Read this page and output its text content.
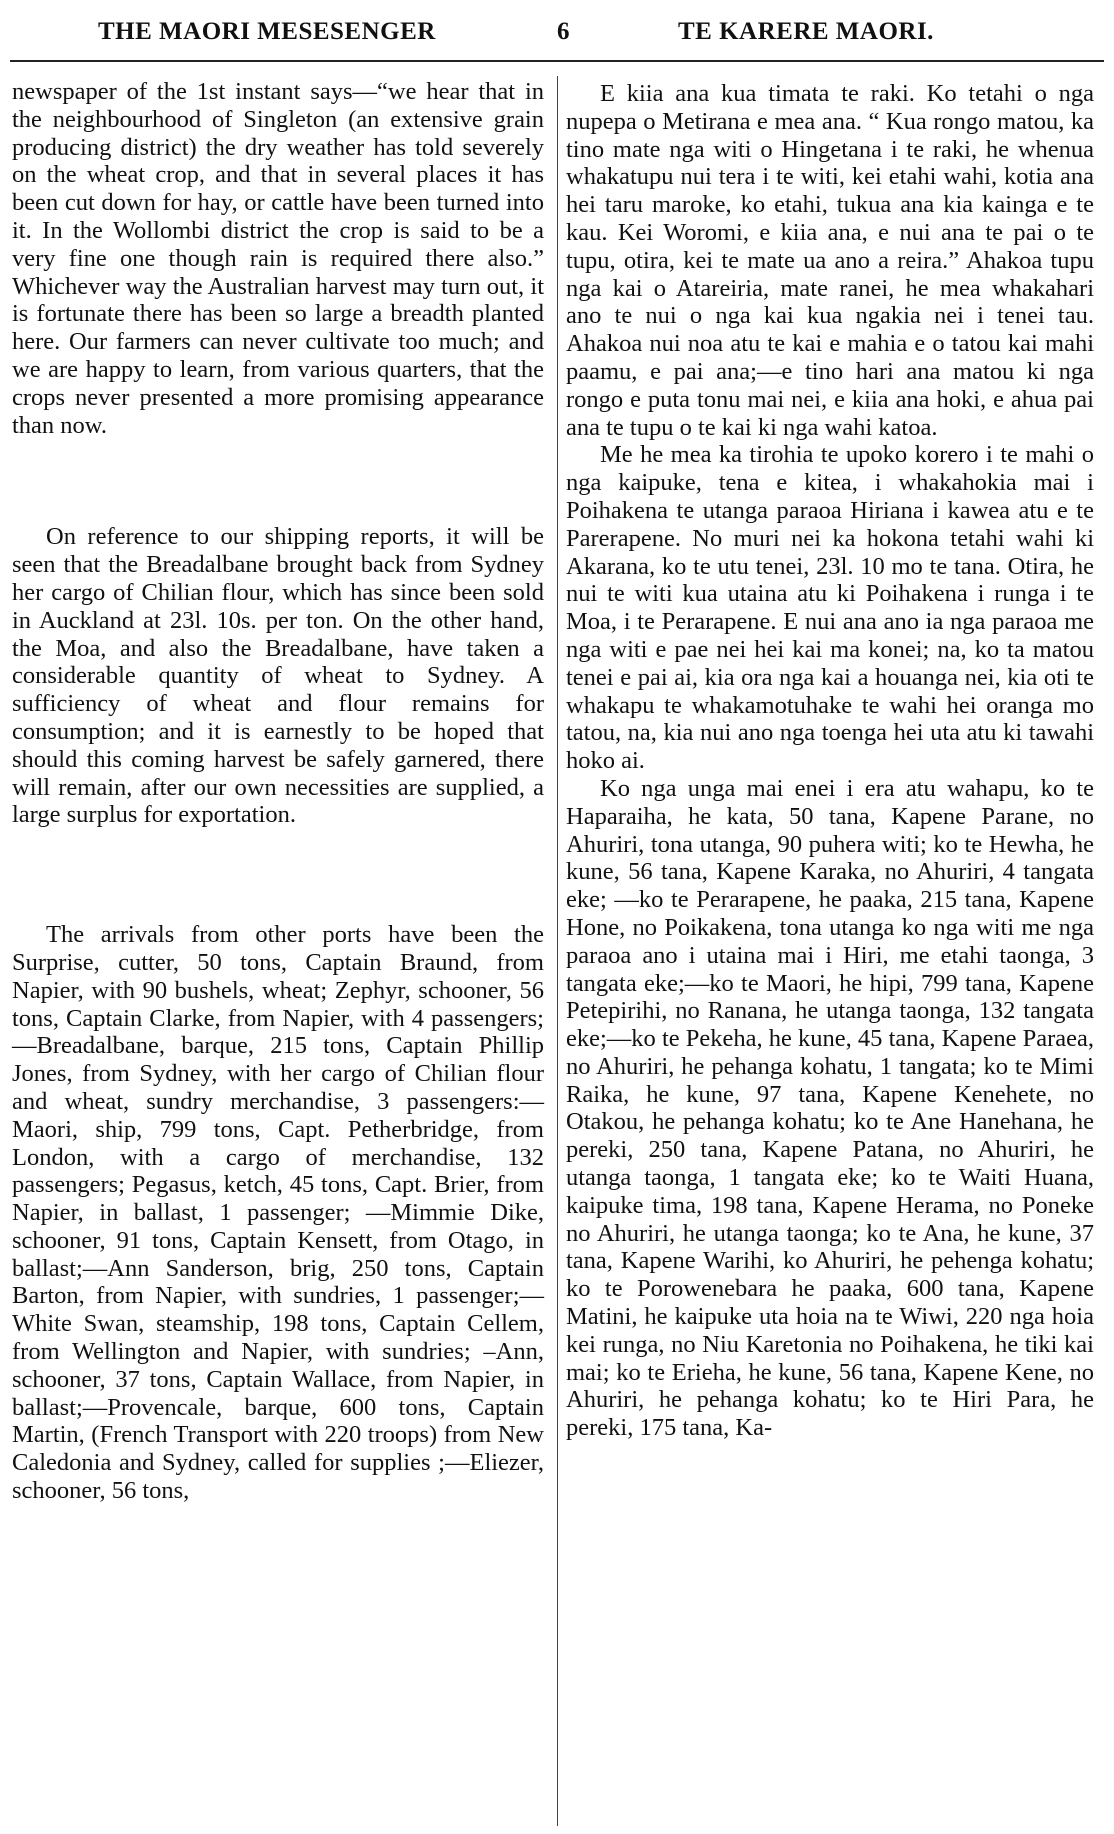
THE MAORI MESESENGER	6	TE KARERE MAORI.

newspaper of the 1st instant says—“we hear that in the neighbourhood of Singleton (an extensive grain producing district) the dry weather has told severely on the wheat crop, and that in several places it has been cut down for hay, or cattle have been turned into it. In the Wollombi district the crop is said to be a very fine one though rain is required there also.” Whichever way the Australian harvest may turn out, it is fortunate there has been so large a breadth planted here. Our farmers can never cultivate too much; and we are happy to learn, from various quarters, that the crops never presented a more promising appearance than now.

On reference to our shipping reports, it will be seen that the Breadalbane brought back from Sydney her cargo of Chilian flour, which has since been sold in Auckland at 23l. 10s. per ton. On the other hand, the Moa, and also the Breadalbane, have taken a considerable quantity of wheat to Sydney. A sufficiency of wheat and flour remains for consumption; and it is earnestly to be hoped that should this coming harvest be safely garnered, there will remain, after our own necessities are supplied, a large surplus for exportation.

The arrivals from other ports have been the Surprise, cutter, 50 tons, Captain Braund, from Napier, with 90 bushels, wheat; Zephyr, schooner, 56 tons, Captain Clarke, from Napier, with 4 passengers;—Breadalbane, barque, 215 tons, Captain Phillip Jones, from Sydney, with her cargo of Chilian flour and wheat, sundry merchandise, 3 passengers:—Maori, ship, 799 tons, Capt. Petherbridge, from London, with a cargo of merchandise, 132 passengers; Pegasus, ketch, 45 tons, Capt. Brier, from Napier, in ballast, 1 passenger; —Mimmie Dike, schooner, 91 tons, Captain Kensett, from Otago, in ballast;—Ann Sanderson, brig, 250 tons, Captain Barton, from Napier, with sundries, 1 passenger;—White Swan, steamship, 198 tons, Captain Cellem, from Wellington and Napier, with sundries; –Ann, schooner, 37 tons, Captain Wallace, from Napier, in ballast;—Provencale, barque, 600 tons, Captain Martin, (French Transport with 220 troops) from New Caledonia and Sydney, called for supplies ;—Eliezer, schooner, 56 tons,

E kiia ana kua timata te raki. Ko tetahi o nga nupepa o Metirana e mea ana. “ Kua rongo matou, ka tino mate nga witi o Hingetana i te raki, he whenua whakatupu nui tera i te witi, kei etahi wahi, kotia ana hei taru maroke, ko etahi, tukua ana kia kainga e te kau. Kei Woromi, e kiia ana, e nui ana te pai o te tupu, otira, kei te mate ua ano a reira.” Ahakoa tupu nga kai o Atareiria, mate ranei, he mea whakahari ano te nui o nga kai kua ngakia nei i tenei tau. Ahakoa nui noa atu te kai e mahia e o tatou kai mahi paamu, e pai ana;—e tino hari ana matou ki nga rongo e puta tonu mai nei, e kiia ana hoki, e ahua pai ana te tupu o te kai ki nga wahi katoa.

Me he mea ka tirohia te upoko korero i te mahi o nga kaipuke, tena e kitea, i whakahokia mai i Poihakena te utanga paraoa Hiriana i kawea atu e te Parerapene. No muri nei ka hokona tetahi wahi ki Akarana, ko te utu tenei, 23l. 10 mo te tana. Otira, he nui te witi kua utaina atu ki Poihakena i runga i te Moa, i te Perarapene. E nui ana ano ia nga paraoa me nga witi e pae nei hei kai ma konei; na, ko ta matou tenei e pai ai, kia ora nga kai a houanga nei, kia oti te whakapu te whakamotuhake te wahi hei oranga mo tatou, na, kia nui ano nga toenga hei uta atu ki tawahi hoko ai.

Ko nga unga mai enei i era atu wahapu, ko te Haparaiha, he kata, 50 tana, Kapene Parane, no Ahuriri, tona utanga, 90 puhera witi; ko te Hewha, he kune, 56 tana, Kapene Karaka, no Ahuriri, 4 tangata eke; —ko te Perarapene, he paaka, 215 tana, Kapene Hone, no Poikakena, tona utanga ko nga witi me nga paraoa ano i utaina mai i Hiri, me etahi taonga, 3 tangata eke;—ko te Maori, he hipi, 799 tana, Kapene Petepirihi, no Ranana, he utanga taonga, 132 tangata eke;—ko te Pekeha, he kune, 45 tana, Kapene Paraea, no Ahuriri, he pehanga kohatu, 1 tangata; ko te Mimi Raika, he kune, 97 tana, Kapene Kenehete, no Otakou, he pehanga kohatu; ko te Ane Hanehana, he pereki, 250 tana, Kapene Patana, no Ahuriri, he utanga taonga, 1 tangata eke; ko te Waiti Huana, kaipuke tima, 198 tana, Kapene Herama, no Poneke no Ahuriri, he utanga taonga; ko te Ana, he kune, 37 tana, Kapene Warihi, ko Ahuriri, he pehenga kohatu; ko te Porowenebara he paaka, 600 tana, Kapene Matini, he kaipuke uta hoia na te Wiwi, 220 nga hoia kei runga, no Niu Karetonia no Poihakena, he tiki kai mai; ko te Erieha, he kune, 56 tana, Kapene Kene, no Ahuriri, he pehanga kohatu; ko te Hiri Para, he pereki, 175 tana, Ka-
